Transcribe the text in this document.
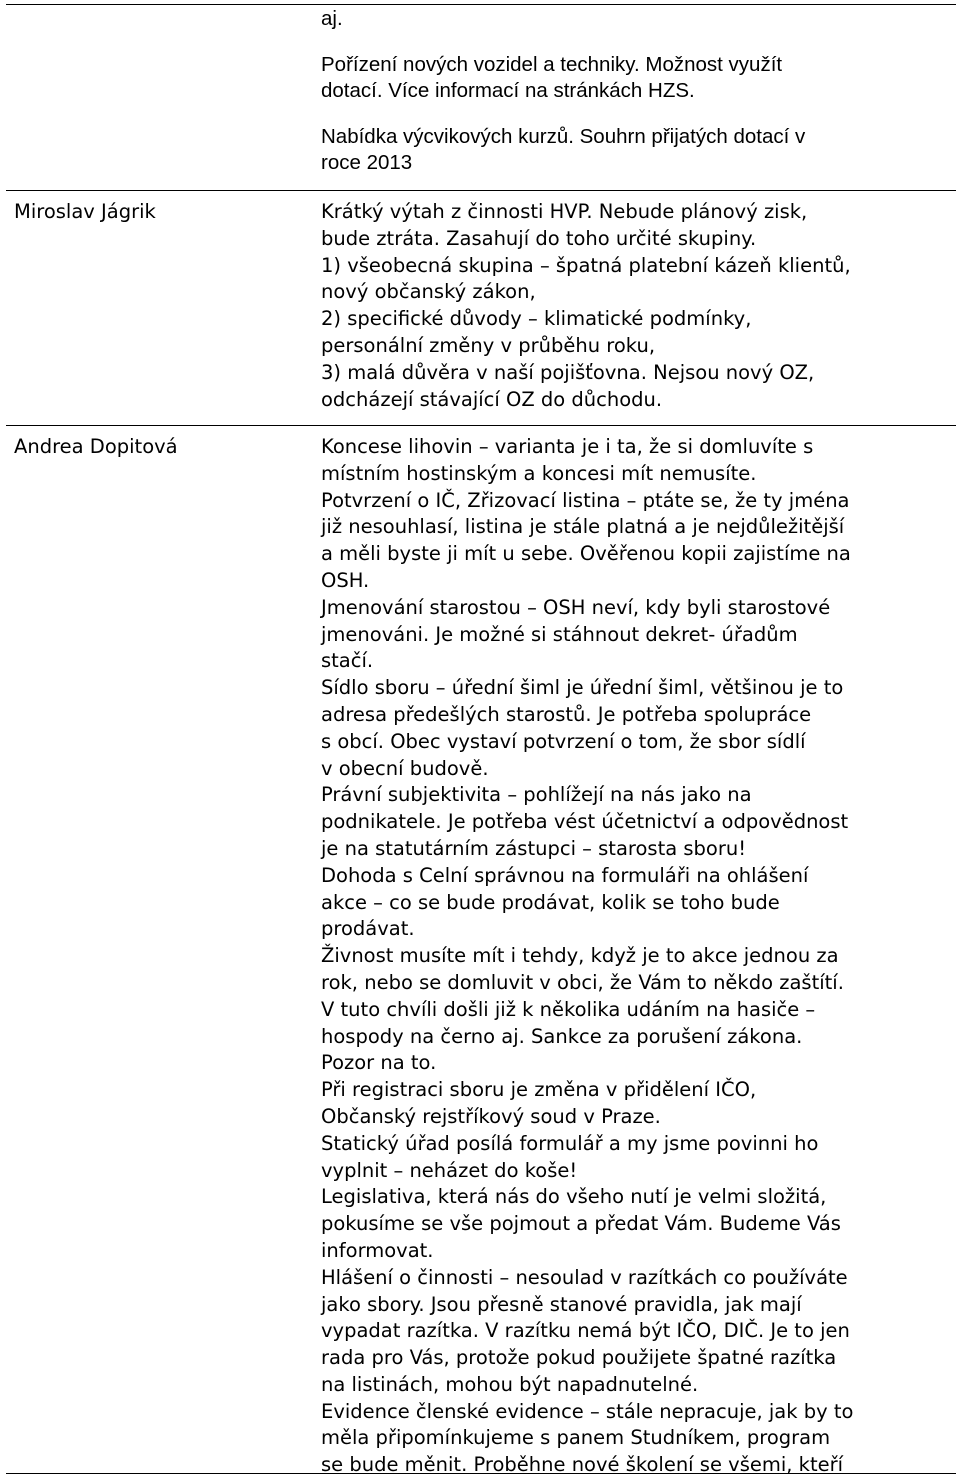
aj.

Pořízení nových vozidel a techniky. Možnost využít
dotací. Více informací na stránkách HZS.

Nabídka výcvikových kurzů. Souhrn přijatých dotací v
roce 2013

Miroslav Jágrik	Krátký výtah z činnosti HVP. Nebude plánový zisk,
bude ztráta. Zasahují do toho určité skupiny.
1) všeobecná skupina – špatná platební kázeň klientů,
nový občanský zákon,
2) specifické důvody – klimatické podmínky,
personální změny v průběhu roku,
3) malá důvěra v naší pojišťovna. Nejsou nový OZ,
odcházejí stávající OZ do důchodu.

Andrea Dopitová	Koncese lihovin – varianta je i ta, že si domluvíte s
místním hostinským a koncesi mít nemusíte.
Potvrzení o IČ, Zřizovací listina – ptáte se, že ty jména
již nesouhlasí, listina je stále platná a je nejdůležitější
a měli byste ji mít u sebe. Ověřenou kopii zajistíme na
OSH.
Jmenování starostou – OSH neví, kdy byli starostové
jmenováni. Je možné si stáhnout dekret- úřadům
stačí.
Sídlo sboru – úřední šiml je úřední šiml, většinou je to
adresa předešlých starostů. Je potřeba spolupráce
s obcí. Obec vystaví potvrzení o tom, že sbor sídlí
v obecní budově.
Právní subjektivita – pohlížejí na nás jako na
podnikatele. Je potřeba vést účetnictví a odpovědnost
je na statutárním zástupci – starosta sboru!
Dohoda s Celní správnou na formuláři na ohlášení
akce – co se bude prodávat, kolik se toho bude
prodávat.
Živnost musíte mít i tehdy, když je to akce jednou za
rok, nebo se domluvit v obci, že Vám to někdo zaštítí.
V tuto chvíli došli již k několika udáním na hasiče –
hospody na černo aj. Sankce za porušení zákona.
Pozor na to.
Při registraci sboru je změna v přidělení IČO,
Občanský rejstříkový soud v Praze.
Statický úřad posílá formulář a my jsme povinni ho
vyplnit – neházet do koše!
Legislativa, která nás do všeho nutí je velmi složitá,
pokusíme se vše pojmout a předat Vám. Budeme Vás
informovat.
Hlášení o činnosti – nesoulad v razítkách co používáte
jako sbory. Jsou přesně stanové pravidla, jak mají
vypadat razítka. V razítku nemá být IČO, DIČ. Je to jen
rada pro Vás, protože pokud použijete špatné razítka
na listinách, mohou být napadnutelné.
Evidence členské evidence – stále nepracuje, jak by to
měla připomínkujeme s panem Studníkem, program
se bude měnit. Proběhne nové školení se všemi, kteří
